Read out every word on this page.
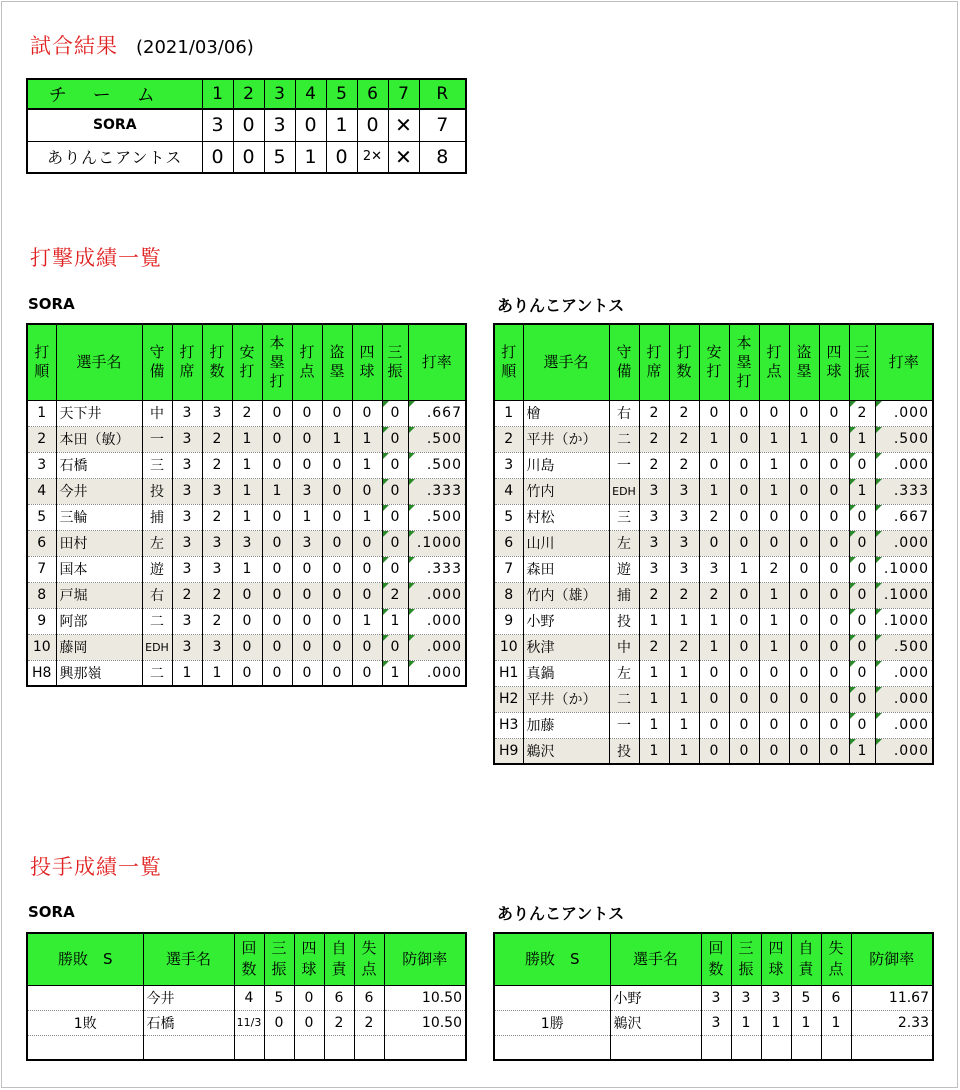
試合結果 (2021/03/06)
チーム	1	2	3	4	5	6	7	R
SORA	3	0	3	0	1	0	✕	7
ありんこアントス	0	0	5	1	0	2✕	✕	8
打撃成績一覧
SORA	ありんこアントス
打順	選手名	守備	打席	打数	安打	本塁打	打点	盗塁	四球	三振	打率
1	天下井	中	3	3	2	0	0	0	0	0	.667

2	本田（敏）	一	3	2	1	0	0	1	1	0	.500

3	石橋	三	3	2	1	0	0	0	1	0	.500

4	今井	投	3	3	1	1	3	0	0	0	.333

5	三輪	捕	3	2	1	0	1	0	1	0	.500

6	田村	左	3	3	3	0	3	0	0	0	.1000

7	国本	遊	3	3	1	0	0	0	0	0	.333

8	戸堀	右	2	2	0	0	0	0	0	2	.000

9	阿部	二	3	2	0	0	0	0	1	1	.000

10	藤岡	EDH	3	3	0	0	0	0	0	0	.000

H8	興那嶺	二	1	1	0	0	0	0	0	1	.000
打順	選手名	守備	打席	打数	安打	本塁打	打点	盗塁	四球	三振	打率
1	檜	右	2	2	0	0	0	0	0	2	.000

2	平井（か）	二	2	2	1	0	1	1	0	1	.500

3	川島	一	2	2	0	0	1	0	0	0	.000

4	竹内	EDH	3	3	1	0	1	0	0	1	.333

5	村松	三	3	3	2	0	0	0	0	0	.667

6	山川	左	3	3	0	0	0	0	0	0	.000

7	森田	遊	3	3	3	1	2	0	0	0	.1000

8	竹内（雄）	捕	2	2	2	0	1	0	0	0	.1000

9	小野	投	1	1	1	0	1	0	0	0	.1000

10	秋津	中	2	2	1	0	1	0	0	0	.500

H1	真鍋	左	1	1	0	0	0	0	0	0	.000

H2	平井（か）	二	1	1	0	0	0	0	0	0	.000

H3	加藤	一	1	1	0	0	0	0	0	0	.000

H9	鵜沢	投	1	1	0	0	0	0	0	1	.000
投手成績一覧
SORA	ありんこアントス
勝敗　S	選手名	回数	三振	四球	自責	失点	防御率
	今井	4	5	0	6	6	10.50
1敗	石橋	11/3	0	0	2	2	10.50

勝敗　S	選手名	回数	三振	四球	自責	失点	防御率
	小野	3	3	3	5	6	11.67
1勝	鵜沢	3	1	1	1	1	2.33
